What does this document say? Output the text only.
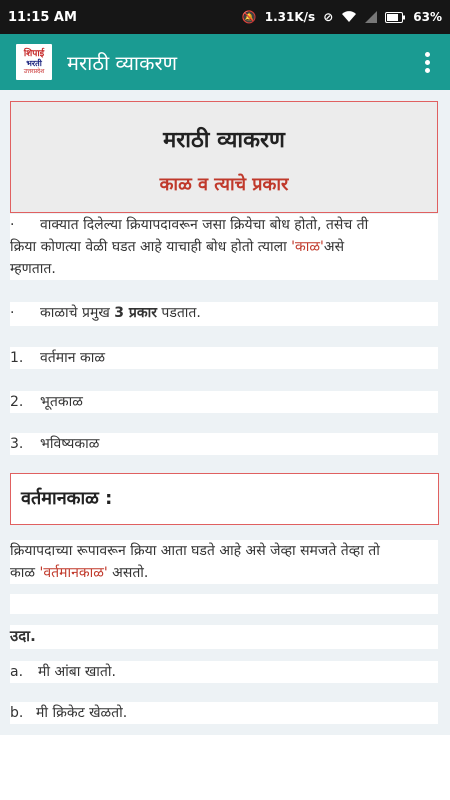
11:15 AM	🔕 1.31K/s ⊘	63%
शिपाई
भरती
उत्तरप्रदेश मराठी व्याकरण
मराठी व्याकरण
काळ व त्याचे प्रकार
· वाक्यात दिलेल्या क्रियापदावरून जसा क्रियेचा बोध होतो, तसेच ती
क्रिया कोणत्या वेळी घडत आहे याचाही बोध होतो त्याला 'काळ'असे
म्हणतात.
· काळाचे प्रमुख 3 प्रकार पडतात.
1. वर्तमान काळ
2. भूतकाळ
3. भविष्यकाळ
वर्तमानकाळ :
क्रियापदाच्या रूपावरून क्रिया आता घडते आहे असे जेव्हा समजते तेव्हा तो
काळ 'वर्तमानकाळ' असतो.
उदा.
a. मी आंबा खातो.
b. मी क्रिकेट खेळतो.
